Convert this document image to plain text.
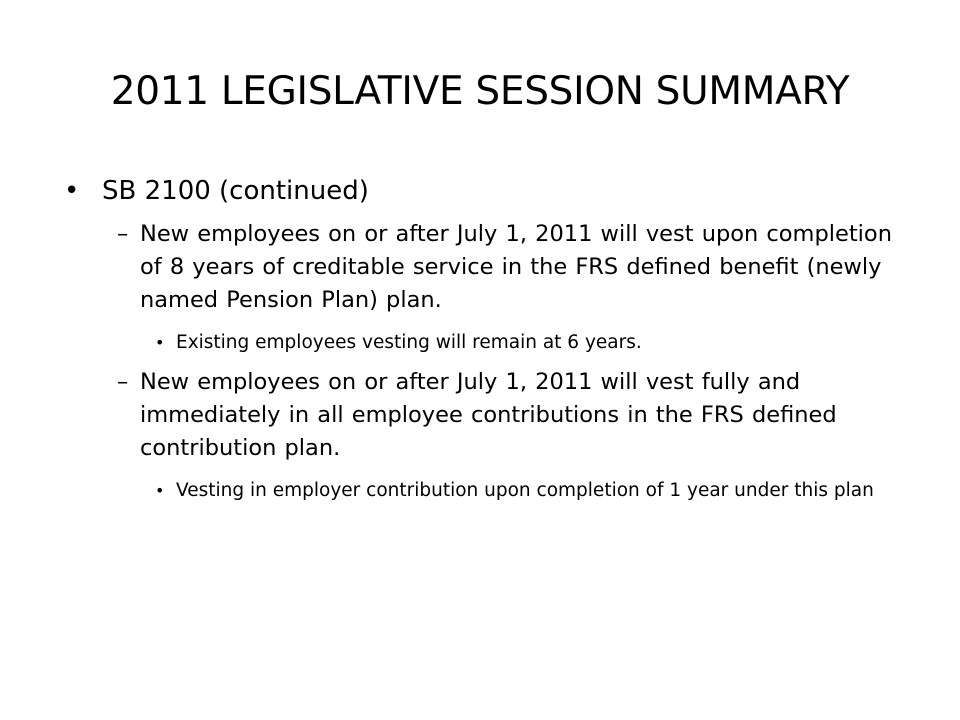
2011 LEGISLATIVE SESSION SUMMARY
• SB 2100 (continued)
– New employees on or after July 1, 2011 will vest upon completion of 8 years of creditable service in the FRS defined benefit (newly named Pension Plan) plan.
• Existing employees vesting will remain at 6 years.
– New employees on or after July 1, 2011 will vest fully and immediately in all employee contributions in the FRS defined contribution plan.
• Vesting in employer contribution upon completion of 1 year under this plan
